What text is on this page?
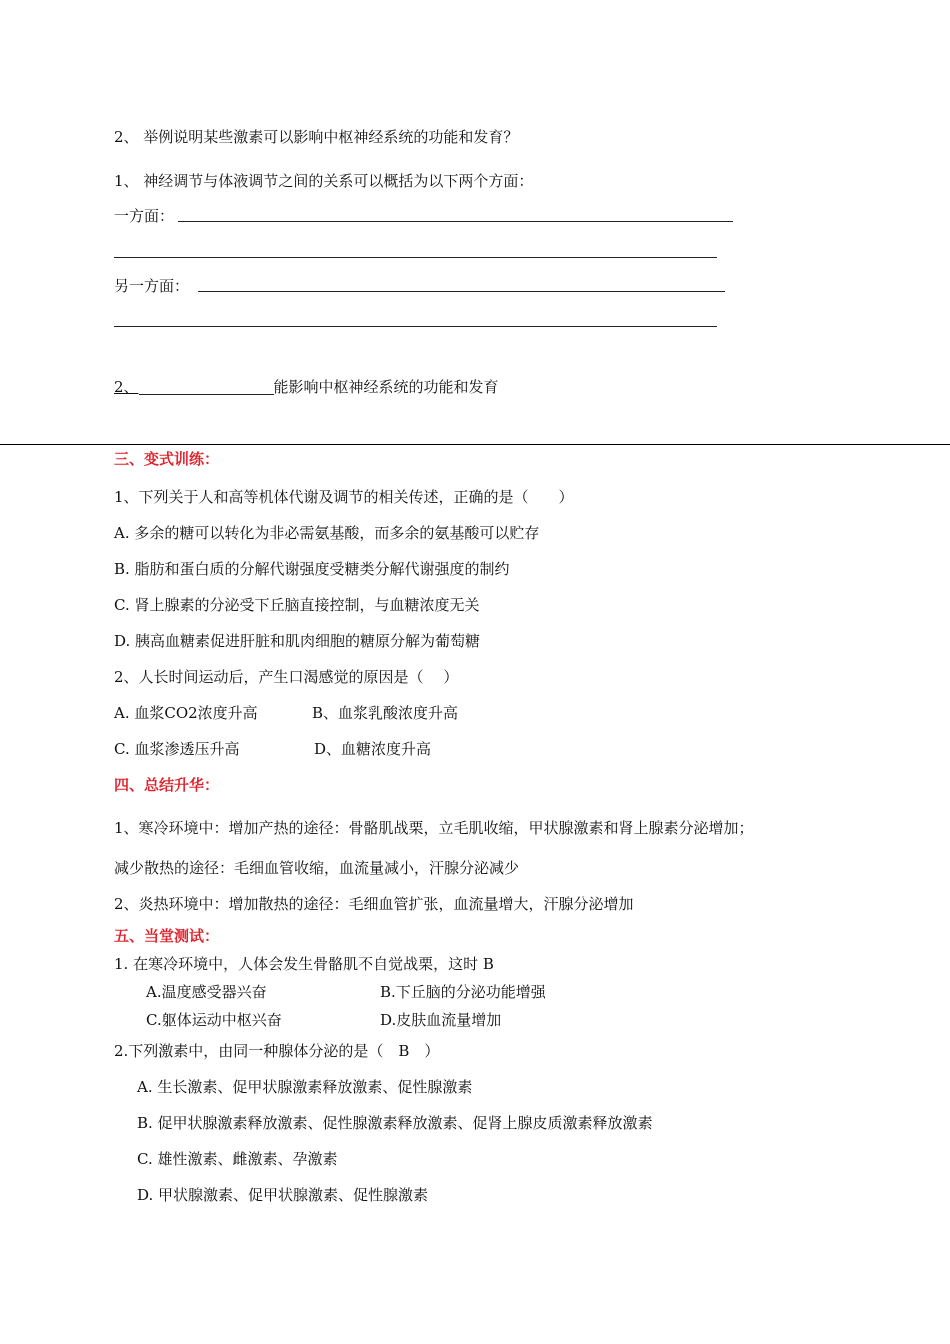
2、 举例说明某些激素可以影响中枢神经系统的功能和发育？
1、 神经调节与体液调节之间的关系可以概括为以下两个方面：
一方面：
另一方面：
2、	能影响中枢神经系统的功能和发育
三、变式训练：
1、下列关于人和高等机体代谢及调节的相关传述，正确的是（　　）
A. 多余的糖可以转化为非必需氨基酸，而多余的氨基酸可以贮存
B. 脂肪和蛋白质的分解代谢强度受糖类分解代谢强度的制约
C. 肾上腺素的分泌受下丘脑直接控制，与血糖浓度无关
D. 胰高血糖素促进肝脏和肌肉细胞的糖原分解为葡萄糖
2、人长时间运动后，产生口渴感觉的原因是（　 ）
A. 血浆CO2浓度升高	B、血浆乳酸浓度升高
C. 血浆渗透压升高	D、血糖浓度升高
四、总结升华：
1、寒冷环境中：增加产热的途径：骨骼肌战栗，立毛肌收缩，甲状腺激素和肾上腺素分泌增加；
减少散热的途径：毛细血管收缩，血流量减小，汗腺分泌减少
2、炎热环境中：增加散热的途径：毛细血管扩张，血流量增大，汗腺分泌增加
五、当堂测试：
1. 在寒冷环境中，人体会发生骨骼肌不自觉战栗，这时 B
A.温度感受器兴奋	B.下丘脑的分泌功能增强
C.躯体运动中枢兴奋	D.皮肤血流量增加
2.下列激素中，由同一种腺体分泌的是（　B　）
A. 生长激素、促甲状腺激素释放激素、促性腺激素
B. 促甲状腺激素释放激素、促性腺激素释放激素、促肾上腺皮质激素释放激素
C. 雄性激素、雌激素、孕激素
D. 甲状腺激素、促甲状腺激素、促性腺激素
